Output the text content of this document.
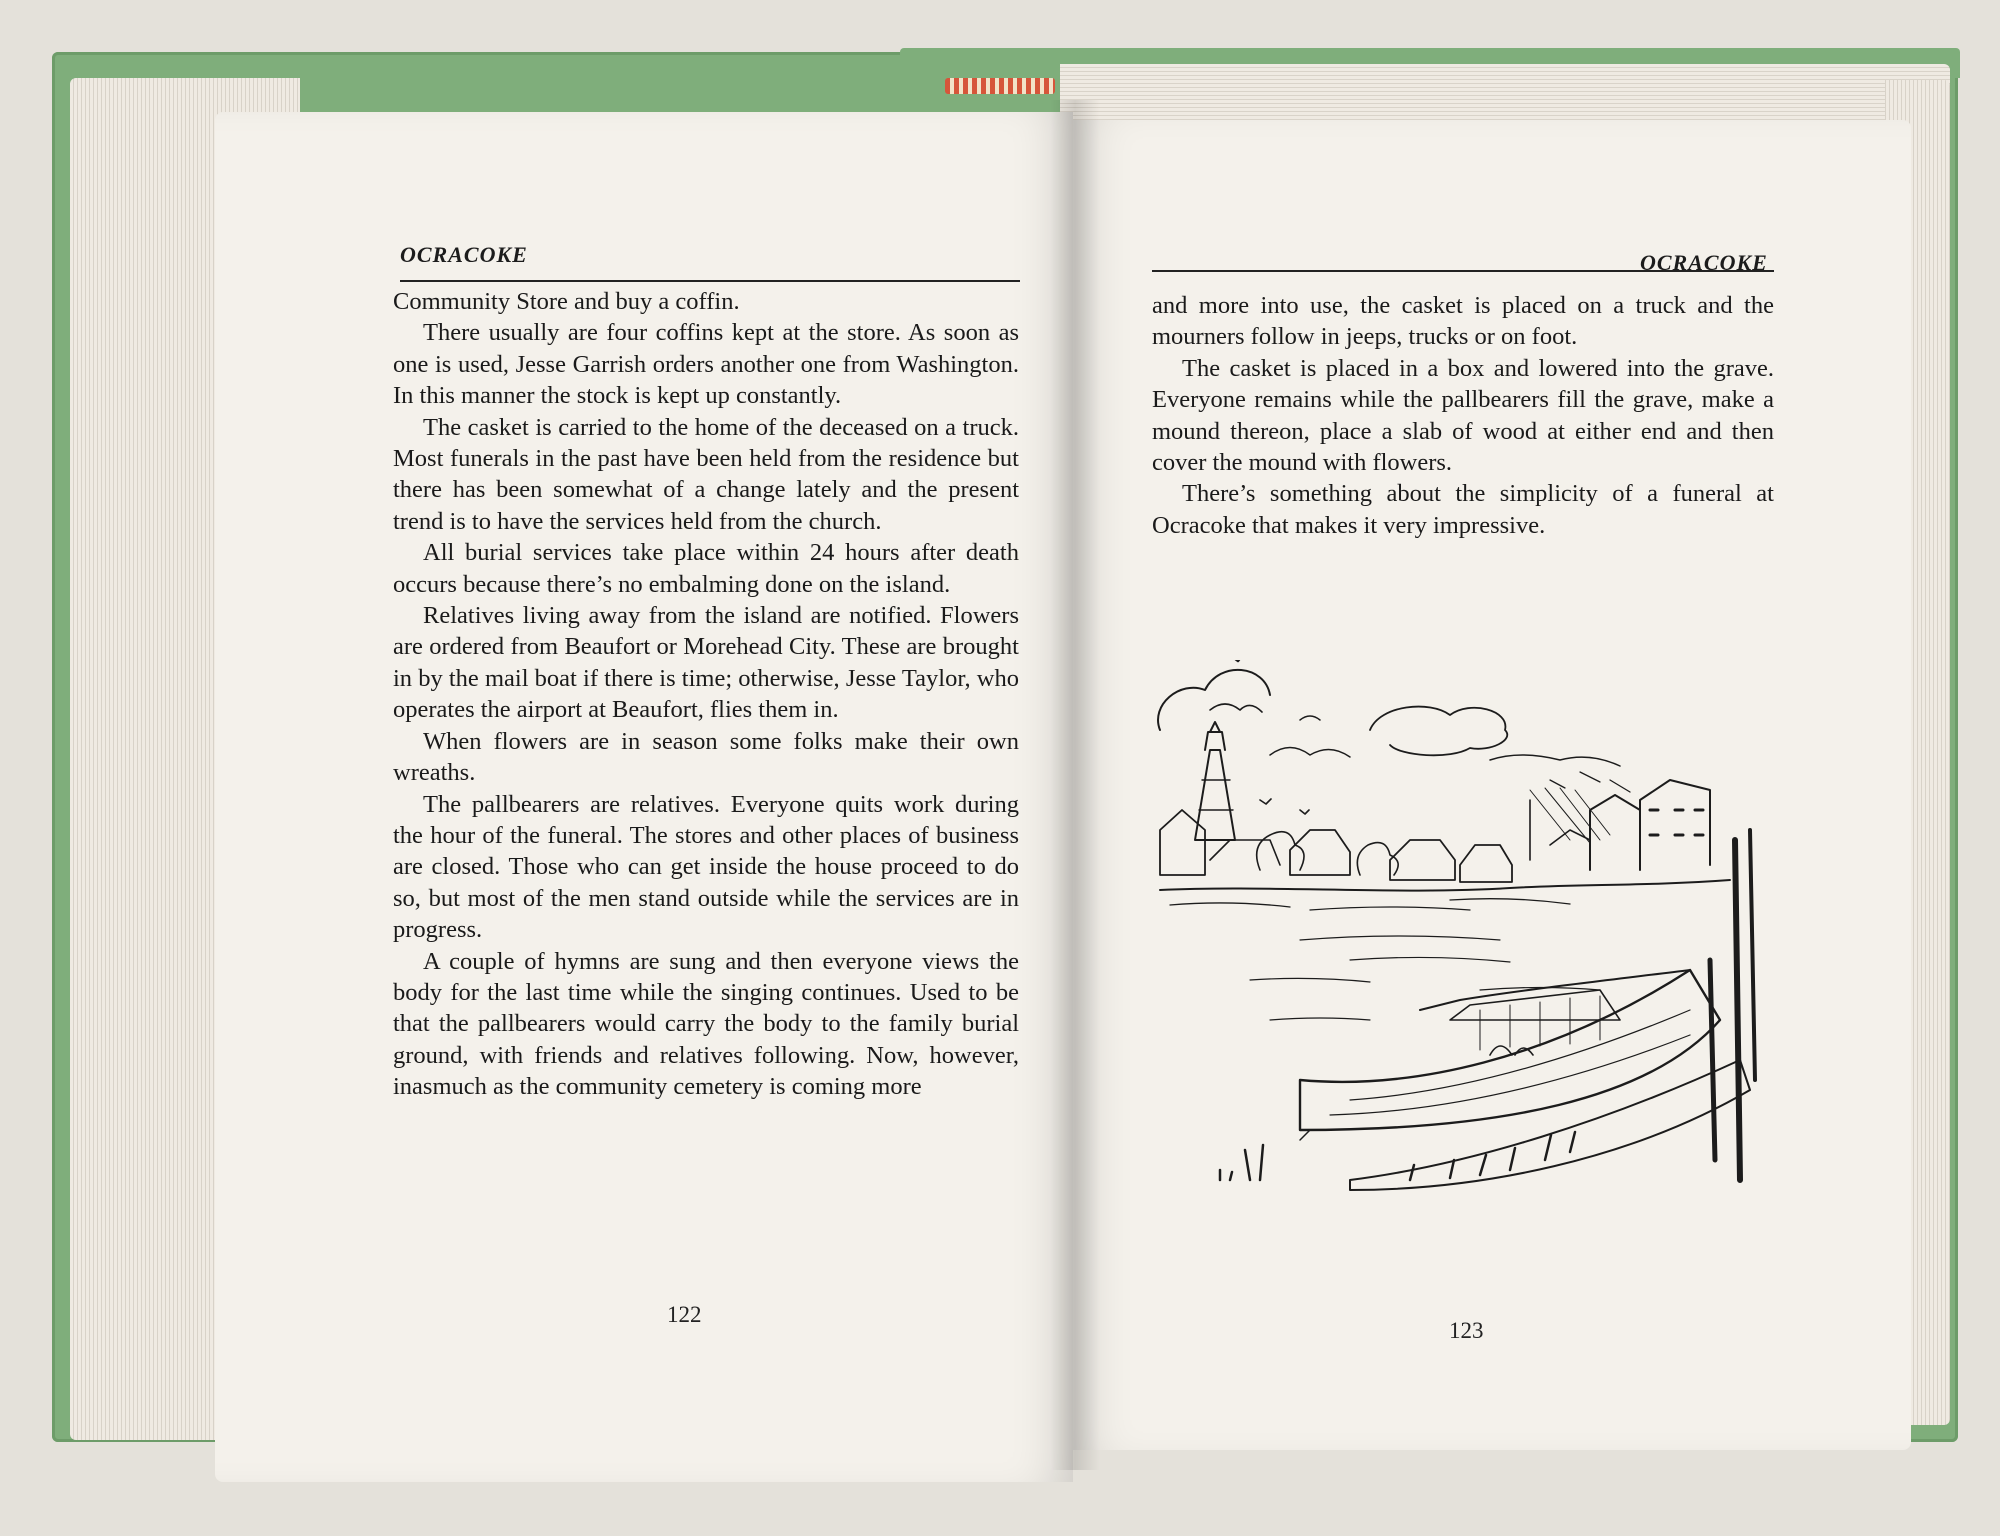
OCRACOKE

Community Store and buy a coffin.

There usually are four coffins kept at the store. As soon as one is used, Jesse Garrish orders another one from Washington. In this manner the stock is kept up constantly.

The casket is carried to the home of the deceased on a truck. Most funerals in the past have been held from the residence but there has been somewhat of a change lately and the present trend is to have the services held from the church.

All burial services take place within 24 hours after death occurs because there’s no embalming done on the island.

Relatives living away from the island are notified. Flowers are ordered from Beaufort or Morehead City. These are brought in by the mail boat if there is time; otherwise, Jesse Taylor, who operates the airport at Beaufort, flies them in.

When flowers are in season some folks make their own wreaths.

The pallbearers are relatives. Everyone quits work during the hour of the funeral. The stores and other places of business are closed. Those who can get inside the house proceed to do so, but most of the men stand outside while the services are in progress.

A couple of hymns are sung and then everyone views the body for the last time while the singing continues. Used to be that the pallbearers would carry the body to the family burial ground, with friends and relatives following. Now, however, inasmuch as the community cemetery is coming more

122
OCRACOKE

and more into use, the casket is placed on a truck and the mourners follow in jeeps, trucks or on foot.

The casket is placed in a box and lowered into the grave. Everyone remains while the pallbearers fill the grave, make a mound thereon, place a slab of wood at either end and then cover the mound with flowers.

There’s something about the simplicity of a funeral at Ocracoke that makes it very impressive.

123
